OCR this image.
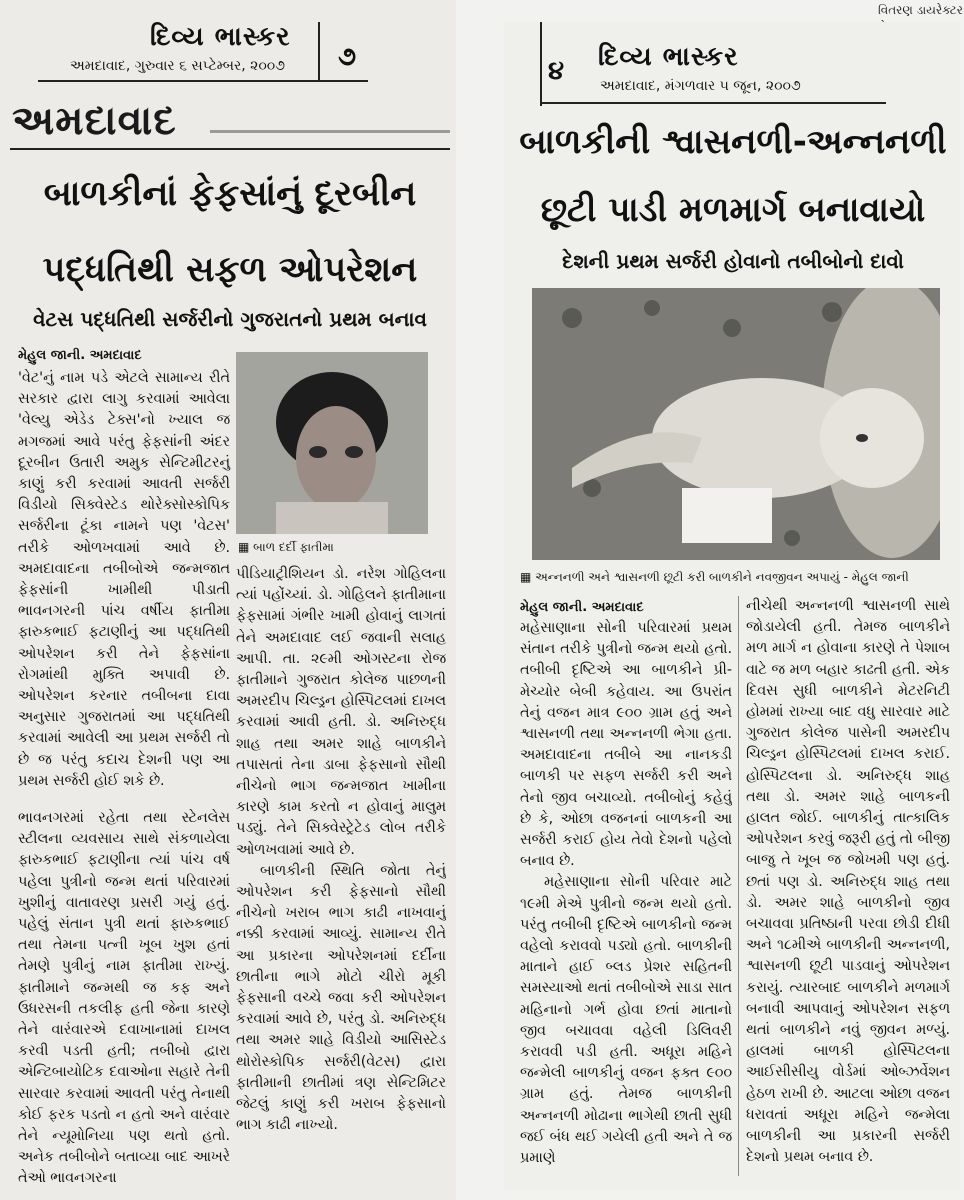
દિવ્ય ભાસ્કર
અમદાવાદ, ગુરુવાર ૬ સપ્ટેમ્બર, ૨૦૦૭ ૭
અમદાવાદ
બાળકીનાં ફેફસાંનું દૂરબીન
પદ્ધતિથી સફળ ઓપરેશન
વેટસ પદ્ધતિથી સર્જરીનો ગુજરાતનો પ્રથમ બનાવ
મેહુલ જાની. અમદાવાદ
▦ બાળ દર્દી ફાતીમા

'વેટ'નું નામ પડે એટલે સામાન્ય રીતે સરકાર દ્વારા લાગુ કરવામાં આવેલા 'વેલ્યુ એડેડ ટેક્સ'નો ખ્યાલ જ મગજમાં આવે પરંતુ ફેફસાંની અંદર દૂરબીન ઉતારી અમુક સેન્ટિમીટરનું કાણું કરી કરવામાં આવતી સર્જરી વિડીયો સિક્વેસ્ટેડ થોરેક્સોસ્કોપિક સર્જરીના ટૂંકા નામને પણ 'વેટસ' તરીકે ઓળખવામાં આવે છે. અમદાવાદના તબીબોએ જન્મજાત ફેફસાંની ખામીથી પીડાતી ભાવનગરની પાંચ વર્ષીય ફાતીમા ફારુકભાઈ ફટાણીનું આ પદ્ધતિથી ઓપરેશન કરી તેને ફેફસાંના રોગમાંથી મુક્તિ અપાવી છે. ઓપરેશન કરનાર તબીબના દાવા અનુસાર ગુજરાતમાં આ પદ્ધતિથી કરવામાં આવેલી આ પ્રથમ સર્જરી તો છે જ પરંતુ કદાચ દેશની પણ આ પ્રથમ સર્જરી હોઈ શકે છે.

ભાવનગરમાં રહેતા તથા સ્ટેનલેસ સ્ટીલના વ્યવસાય સાથે સંકળાયેલા ફારુકભાઈ ફટાણીના ત્યાં પાંચ વર્ષ પહેલા પુત્રીનો જન્મ થતાં પરિવારમાં ખુશીનું વાતાવરણ પ્રસરી ગયું હતું. પહેલું સંતાન પુત્રી થતાં ફારુકભાઈ તથા તેમના પત્ની ખૂબ ખુશ હતાં તેમણે પુત્રીનું નામ ફાતીમા રાખ્યું. ફાતીમાને જન્મથી જ કફ અને ઉધરસની તકલીફ હતી જેના કારણે તેને વારંવારએ દવાખાનામાં દાખલ કરવી પડતી હતી; તબીબો દ્વારા એન્ટિબાયોટિક દવાઓના સહારે તેની સારવાર કરવામાં આવતી પરંતુ તેનાથી કોઈ ફરક પડતો ન હતો અને વારંવાર તેને ન્યૂમોનિયા પણ થતો હતો. અનેક તબીબોને બતાવ્યા બાદ આખરે તેઓ ભાવનગરના

પીડિયાટ્રીશિયન ડો. નરેશ ગોહિલના ત્યાં પહોંચ્યાં. ડો. ગોહિલને ફાતીમાના ફેફસામાં ગંભીર ખામી હોવાનું લાગતાં તેને અમદાવાદ લઈ જવાની સલાહ આપી. તા. ૨૯મી ઓગસ્ટના રોજ ફાતીમાને ગુજરાત કોલેજ પાછળની અમરદીપ ચિલ્ડ્રન હોસ્પિટલમાં દાખલ કરવામાં આવી હતી. ડો. અનિરુદ્ધ શાહ તથા અમર શાહે બાળકીને તપાસતાં તેના ડાબા ફેફસાનો સૌથી નીચેનો ભાગ જન્મજાત ખામીના કારણે કામ કરતો ન હોવાનું માલુમ પડ્યું. તેને સિક્વેસ્ટ્રેટેડ લોબ તરીકે ઓળખવામાં આવે છે.

બાળકીની સ્થિતિ જોતા તેનું ઓપરેશન કરી ફેફસાનો સૌથી નીચેનો ખરાબ ભાગ કાઢી નાખવાનું નક્કી કરવામાં આવ્યું. સામાન્ય રીતે આ પ્રકારના ઓપરેશનમાં દર્દીના છાતીના ભાગે મોટો ચીરો મૂકી ફેફસાની વચ્ચે જવા કરી ઓપરેશન કરવામાં આવે છે, પરંતુ ડો. અનિરુદ્ધ તથા અમર શાહે વિડીયો આસિસ્ટેડ થોરોસ્કોપિક સર્જરી(વેટસ) દ્વારા ફાતીમાની છાતીમાં ત્રણ સેન્ટિમિટર જેટલું કાણું કરી ખરાબ ફેફસાનો ભાગ કાઢી નાખ્યો.

વિતરણ ડાયરેક્ટર
૪ દિવ્ય ભાસ્કર
અમદાવાદ, મંગળવાર ૫ જૂન, ૨૦૦૭
બાળકીની શ્વાસનળી-અન્નનળી
છૂટી પાડી મળમાર્ગ બનાવાયો
દેશની પ્રથમ સર્જરી હોવાનો તબીબોનો દાવો
▦ અન્નનળી અને શ્વાસનળી છૂટી કરી બાળકીને નવજીવન અપાયું - મેહુલ જાની
મેહુલ જાની. અમદાવાદ

મહેસાણાના સોની પરિવારમાં પ્રથમ સંતાન તરીકે પુત્રીનો જન્મ થયો હતો. તબીબી દૃષ્ટિએ આ બાળકીને પ્રી-મેચ્યોર બેબી કહેવાય. આ ઉપરાંત તેનું વજન માત્ર ૯૦૦ ગ્રામ હતું અને શ્વાસનળી તથા અન્નનળી ભેગા હતા. અમદાવાદના તબીબે આ નાનકડી બાળકી પર સફળ સર્જરી કરી અને તેનો જીવ બચાવ્યો. તબીબોનું કહેવું છે કે, ઓછા વજનનાં બાળકની આ સર્જરી કરાઈ હોય તેવો દેશનો પહેલો બનાવ છે.

મહેસાણાના સોની પરિવાર માટે ૧૯મી મેએ પુત્રીનો જન્મ થયો હતો. પરંતુ તબીબી દૃષ્ટિએ બાળકીનો જન્મ વહેલો કરાવવો પડ્યો હતો. બાળકીની માતાને હાઈ બ્લડ પ્રેશર સહિતની સમસ્યાઓ થતાં તબીબોએ સાડા સાત મહિનાનો ગર્ભ હોવા છતાં માતાનો જીવ બચાવવા વહેલી ડિલિવરી કરાવવી પડી હતી. અધૂરા મહિને જન્મેલી બાળકીનું વજન ફક્ત ૯૦૦ ગ્રામ હતું. તેમજ બાળકીની અન્નનળી મોઢાના ભાગેથી છાતી સુધી જઈ બંધ થઈ ગયેલી હતી અને તે જ પ્રમાણે

નીચેથી અન્નનળી શ્વાસનળી સાથે જોડાયેલી હતી. તેમજ બાળકીને મળ માર્ગ ન હોવાના કારણે તે પેશાબ વાટે જ મળ બહાર કાઢતી હતી. એક દિવસ સુધી બાળકીને મેટરનિટી હોમમાં રાખ્યા બાદ વધુ સારવાર માટે ગુજરાત કોલેજ પાસેની અમરદીપ ચિલ્ડ્રન હોસ્પિટલમાં દાખલ કરાઈ. હોસ્પિટલના ડો. અનિરુદ્ધ શાહ તથા ડો. અમર શાહે બાળકની હાલત જોઈ. બાળકીનું તાત્કાલિક ઓપરેશન કરવું જરૂરી હતું તો બીજી બાજુ તે ખૂબ જ જોખમી પણ હતું. છતાં પણ ડો. અનિરુદ્ધ શાહ તથા ડો. અમર શાહે બાળકીનો જીવ બચાવવા પ્રતિષ્ઠાની પરવા છોડી દીધી અને ૧૮મીએ બાળકીની અન્નનળી, શ્વાસનળી છૂટી પાડવાનું ઓપરેશન કરાયું. ત્યારબાદ બાળકીને મળમાર્ગ બનાવી આપવાનું ઓપરેશન સફળ થતાં બાળકીને નવું જીવન મળ્યું. હાલમાં બાળકી હોસ્પિટલના આઈસીસીયુ વોર્ડમાં ઓબ્ઝર્વેશન હેઠળ રાખી છે. આટલા ઓછા વજન ધરાવતાં અધૂરા મહિને જન્મેલા બાળકીની આ પ્રકારની સર્જરી દેશનો પ્રથમ બનાવ છે.
